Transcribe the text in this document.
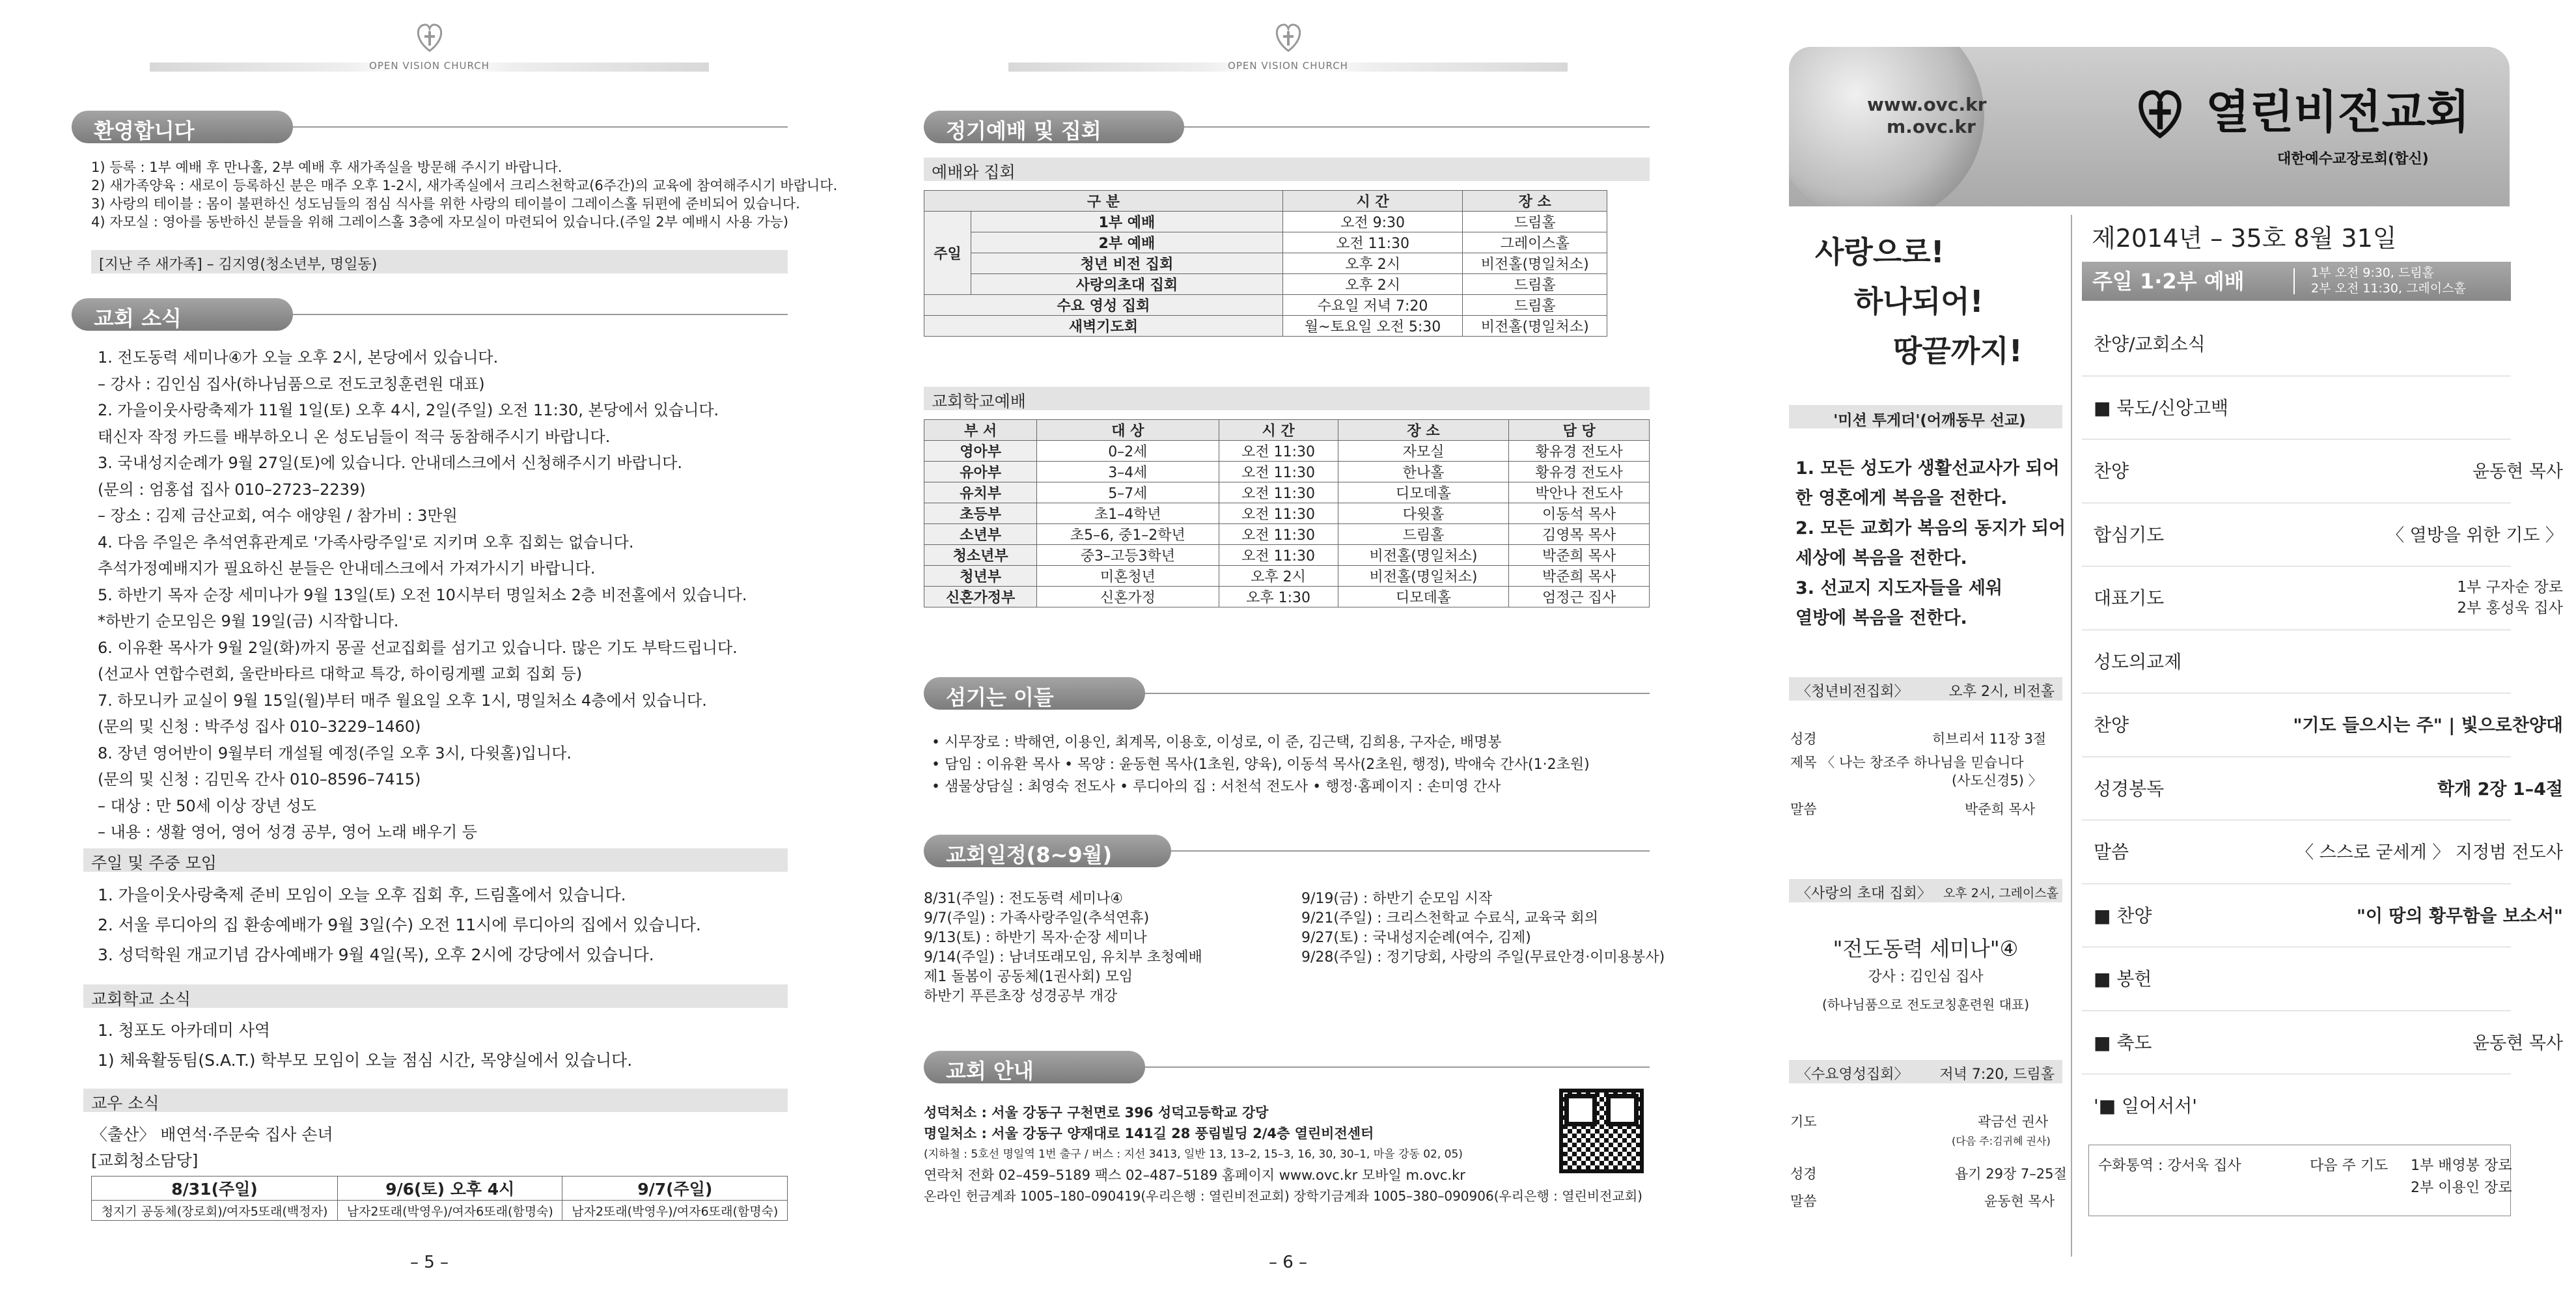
OPEN VISION CHURCH
환영합니다
1) 등록 : 1부 예배 후 만나홀, 2부 예배 후 새가족실을 방문해 주시기 바랍니다.
2) 새가족양육 : 새로이 등록하신 분은 매주 오후 1-2시, 새가족실에서 크리스천학교(6주간)의 교육에 참여해주시기 바랍니다.
3) 사랑의 테이블 : 몸이 불편하신 성도님들의 점심 식사를 위한 사랑의 테이블이 그레이스홀 뒤편에 준비되어 있습니다.
4) 자모실 : 영아를 동반하신 분들을 위해 그레이스홀 3층에 자모실이 마련되어 있습니다.(주일 2부 예배시 사용 가능)
[지난 주 새가족] – 김지영(청소년부, 명일동)
교회 소식
1. 전도동력 세미나④가 오늘 오후 2시, 본당에서 있습니다.
– 강사 : 김인심 집사(하나님품으로 전도코칭훈련원 대표)
2. 가을이웃사랑축제가 11월 1일(토) 오후 4시, 2일(주일) 오전 11:30, 본당에서 있습니다.
태신자 작정 카드를 배부하오니 온 성도님들이 적극 동참해주시기 바랍니다.
3. 국내성지순례가 9월 27일(토)에 있습니다. 안내데스크에서 신청해주시기 바랍니다.
(문의 : 엄홍섭 집사 010–2723–2239)
– 장소 : 김제 금산교회, 여수 애양원 / 참가비 : 3만원
4. 다음 주일은 추석연휴관계로 '가족사랑주일'로 지키며 오후 집회는 없습니다.
추석가정예배지가 필요하신 분들은 안내데스크에서 가져가시기 바랍니다.
5. 하반기 목자 순장 세미나가 9월 13일(토) 오전 10시부터 명일처소 2층 비전홀에서 있습니다.
*하반기 순모임은 9월 19일(금) 시작합니다.
6. 이유환 목사가 9월 2일(화)까지 몽골 선교집회를 섬기고 있습니다. 많은 기도 부탁드립니다.
(선교사 연합수련회, 울란바타르 대학교 특강, 하이링게펠 교회 집회 등)
7. 하모니카 교실이 9월 15일(월)부터 매주 월요일 오후 1시, 명일처소 4층에서 있습니다.
(문의 및 신청 : 박주성 집사 010–3229–1460)
8. 장년 영어반이 9월부터 개설될 예정(주일 오후 3시, 다윗홀)입니다.
(문의 및 신청 : 김민옥 간사 010–8596–7415)
– 대상 : 만 50세 이상 장년 성도
– 내용 : 생활 영어, 영어 성경 공부, 영어 노래 배우기 등
주일 및 주중 모임
1. 가을이웃사랑축제 준비 모임이 오늘 오후 집회 후, 드림홀에서 있습니다.
2. 서울 루디아의 집 환송예배가 9월 3일(수) 오전 11시에 루디아의 집에서 있습니다.
3. 성덕학원 개교기념 감사예배가 9월 4일(목), 오후 2시에 강당에서 있습니다.
교회학교 소식
1. 청포도 아카데미 사역
1) 체육활동팀(S.A.T.) 학부모 모임이 오늘 점심 시간, 목양실에서 있습니다.
교우 소식
〈출산〉 배연석·주문숙 집사 손녀
[교회청소담당]
8/31(주일)	9/6(토) 오후 4시	9/7(주일)
청지기 공동체(장로회)/여자5또래(백정자)	남자2또래(박영우)/여자6또래(함명숙)	남자2또래(박영우)/여자6또래(함명숙)
– 5 –
OPEN VISION CHURCH
정기예배 및 집회
예배와 집회
구 분		시 간	장 소
주일	1부 예배	오전 9:30	드림홀
	2부 예배	오전 11:30	그레이스홀
	청년 비전 집회	오후 2시	비전홀(명일처소)
	사랑의초대 집회	오후 2시	드림홀
수요 영성 집회		수요일 저녁 7:20	드림홀
새벽기도회		월~토요일 오전 5:30	비전홀(명일처소)
교회학교예배
부 서	대 상	시 간	장 소	담 당
영아부	0–2세	오전 11:30	자모실	황유경 전도사
유아부	3–4세	오전 11:30	한나홀	황유경 전도사
유치부	5–7세	오전 11:30	디모데홀	박안나 전도사
초등부	초1–4학년	오전 11:30	다윗홀	이동석 목사
소년부	초5–6, 중1–2학년	오전 11:30	드림홀	김영목 목사
청소년부	중3–고등3학년	오전 11:30	비전홀(명일처소)	박준희 목사
청년부	미혼청년	오후 2시	비전홀(명일처소)	박준희 목사
신혼가정부	신혼가정	오후 1:30	디모데홀	엄정근 집사
섬기는 이들
• 시무장로 : 박해연, 이용인, 최계목, 이용호, 이성로, 이 준, 김근택, 김희용, 구자순, 배명봉
• 담임 : 이유환 목사 • 목양 : 윤동현 목사(1초원, 양육), 이동석 목사(2초원, 행정), 박애숙 간사(1·2초원)
• 샘물상담실 : 최영숙 전도사 • 루디아의 집 : 서천석 전도사 • 행정·홈페이지 : 손미영 간사
교회일정(8~9월)
8/31(주일) : 전도동력 세미나④
9/7(주일) : 가족사랑주일(추석연휴)
9/13(토) : 하반기 목자·순장 세미나
9/14(주일) : 남녀또래모임, 유치부 초청예배
제1 돌봄이 공동체(1권사회) 모임
하반기 푸른초장 성경공부 개강
9/19(금) : 하반기 순모임 시작
9/21(주일) : 크리스천학교 수료식, 교육국 회의
9/27(토) : 국내성지순례(여수, 김제)
9/28(주일) : 정기당회, 사랑의 주일(무료안경·이미용봉사)
교회 안내
성덕처소 : 서울 강동구 구천면로 396 성덕고등학교 강당
명일처소 : 서울 강동구 양재대로 141길 28 풍림빌딩 2/4층 열린비전센터
(지하철 : 5호선 명일역 1번 출구 / 버스 : 지선 3413, 일반 13, 13–2, 15–3, 16, 30, 30–1, 마을 강동 02, 05)
연락처 전화 02–459–5189 팩스 02–487–5189 홈페이지 www.ovc.kr 모바일 m.ovc.kr
온라인 헌금계좌 1005–180–090419(우리은행 : 열린비전교회) 장학기금계좌 1005–380–090906(우리은행 : 열린비전교회)
– 6 –
www.ovc.kr
m.ovc.kr	열린비전교회
대한예수교장로회(합신)
사랑으로!
하나되어!
땅끝까지!
'미션 투게더'(어깨동무 선교)
1. 모든 성도가 생활선교사가 되어
한 영혼에게 복음을 전한다.
2. 모든 교회가 복음의 동지가 되어
세상에 복음을 전한다.
3. 선교지 지도자들을 세워
열방에 복음을 전한다.
〈청년비전집회〉	오후 2시, 비전홀
성경	히브리서 11장 3절
제목 〈 나는 창조주 하나님을 믿습니다
(사도신경5) 〉
말씀	박준희 목사
〈사랑의 초대 집회〉 오후 2시, 그레이스홀
"전도동력 세미나"④
강사 : 김인심 집사
(하나님품으로 전도코칭훈련원 대표)
〈수요영성집회〉 저녁 7:20, 드림홀
기도	곽금선 권사
(다음 주:김귀혜 권사)
성경	욥기 29장 7–25절
말씀	윤동현 목사
제2014년 – 35호 8월 31일
주일 1·2부 예배	1부 오전 9:30, 드림홀
2부 오전 11:30, 그레이스홀
찬양/교회소식
■ 묵도/신앙고백
찬양	윤동현 목사
합심기도	〈 열방을 위한 기도 〉
대표기도	1부 구자순 장로
2부 홍성욱 집사
성도의교제
찬양	"기도 들으시는 주" | 빛으로찬양대
성경봉독	학개 2장 1–4절
말씀	〈 스스로 굳세게 〉 지정범 전도사
■ 찬양	"이 땅의 황무함을 보소서"
■ 봉헌
■ 축도	윤동현 목사
'■ 일어서서'
수화통역 : 강서욱 집사	다음 주 기도 1부 배영봉 장로
2부 이용인 장로
